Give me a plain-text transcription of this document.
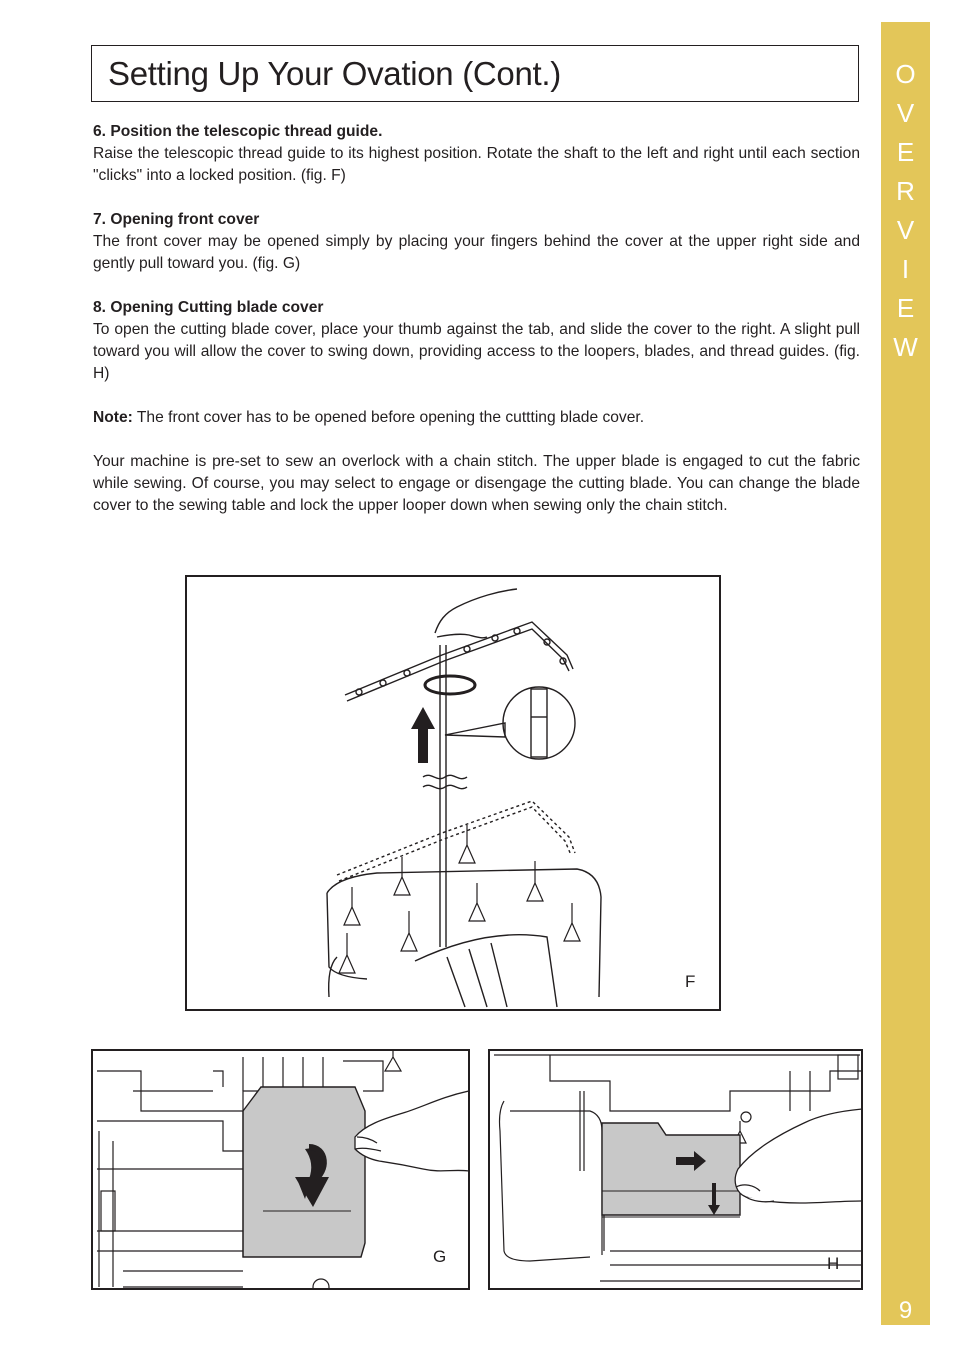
Setting Up Your Ovation (Cont.)

6. Position the telescopic thread guide.
Raise the telescopic thread guide to its highest position. Rotate the shaft to the left and right until each section "clicks" into a locked position. (fig. F)

7. Opening front cover
The front cover may be opened simply by placing your fingers behind the cover at the upper right side and gently pull toward you. (fig. G)

8. Opening Cutting blade cover
To open the cutting blade cover, place your thumb against the tab, and slide the cover to the right. A slight pull toward you will allow the cover to swing down, providing access to the loopers, blades, and thread guides. (fig. H)

Note: The front cover has to be opened before opening the cuttting blade cover.

Your machine is pre-set to sew an overlock with a chain stitch. The upper blade is engaged to cut the fabric while sewing. Of course, you may select to engage or disengage the cutting blade. You can change the blade cover to the sewing table and lock the upper looper down when sewing only the chain stitch.

O
V
E
R
V
I
E
W
9
F
G	H
